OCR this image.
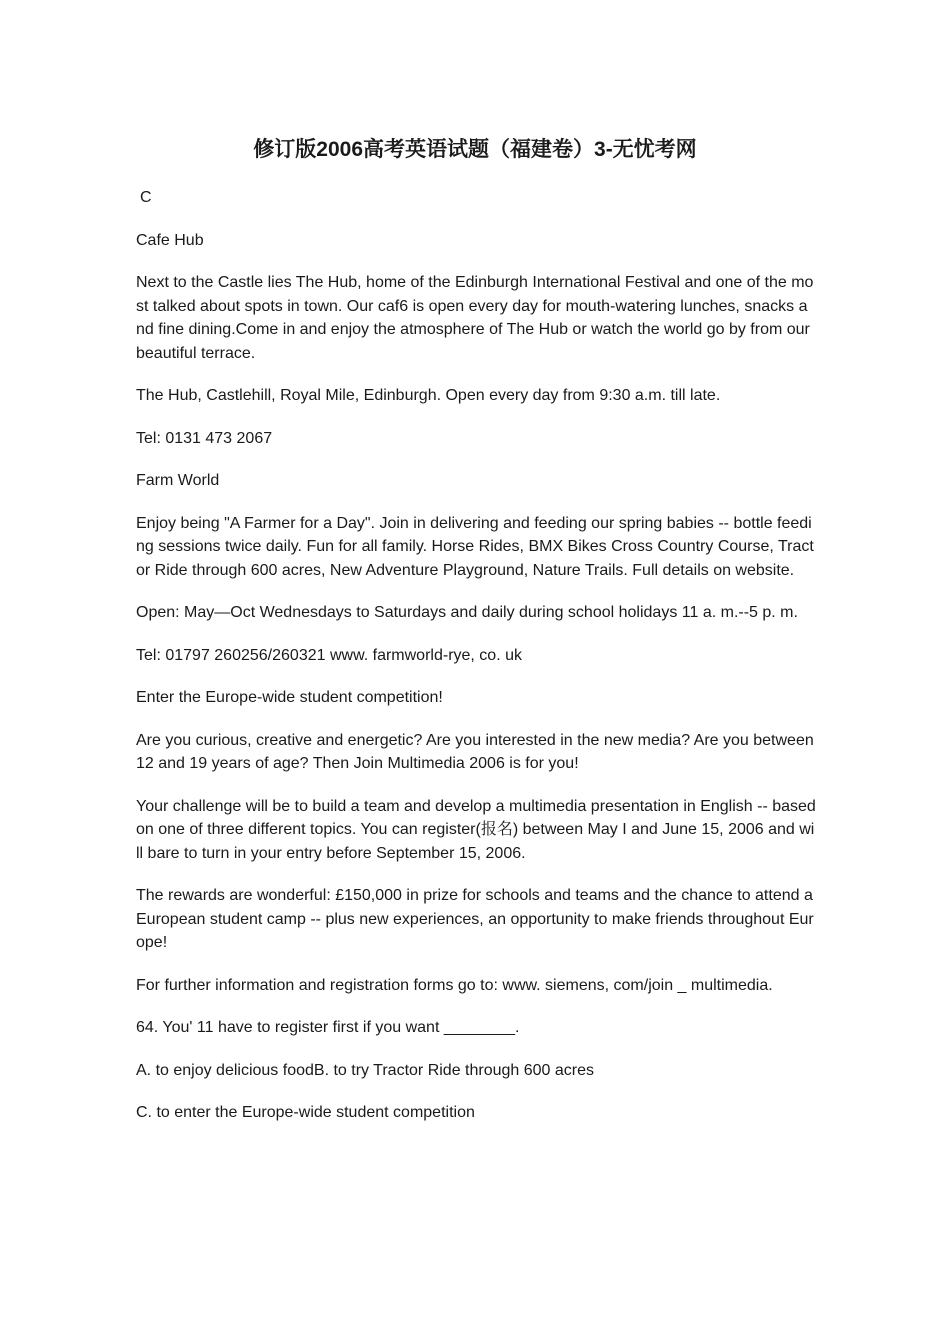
修订版2006高考英语试题（福建卷）3-无忧考网

C

Cafe Hub

Next to the Castle lies The Hub, home of the Edinburgh International Festival and one of the most talked about spots in town. Our caf6 is open every day for mouth-watering lunches, snacks and fine dining.Come in and enjoy the atmosphere of The Hub or watch the world go by from our beautiful terrace.

The Hub, Castlehill, Royal Mile, Edinburgh. Open every day from 9:30 a.m. till late.

Tel: 0131 473 2067

Farm World

Enjoy being "A Farmer for a Day". Join in delivering and feeding our spring babies -- bottle feeding sessions twice daily. Fun for all family. Horse Rides, BMX Bikes Cross Country Course, Tractor Ride through 600 acres, New Adventure Playground, Nature Trails. Full details on website.

Open: May—Oct Wednesdays to Saturdays and daily during school holidays 11 a. m.--5 p. m.

Tel: 01797 260256/260321 www. farmworld-rye, co. uk

Enter the Europe-wide student competition!

Are you curious, creative and energetic? Are you interested in the new media? Are you between 12 and 19 years of age? Then Join Multimedia 2006 is for you!

Your challenge will be to build a team and develop a multimedia presentation in English -- based on one of three different topics. You can register(报名) between May I and June 15, 2006 and will bare to turn in your entry before September 15, 2006.

The rewards are wonderful: £150,000 in prize for schools and teams and the chance to attend a European student camp -- plus new experiences, an opportunity to make friends throughout Europe!

For further information and registration forms go to: www. siemens, com/join _ multimedia.

64. You' 11 have to register first if you want ________.

A. to enjoy delicious foodB. to try Tractor Ride through 600 acres

C. to enter the Europe-wide student competition
